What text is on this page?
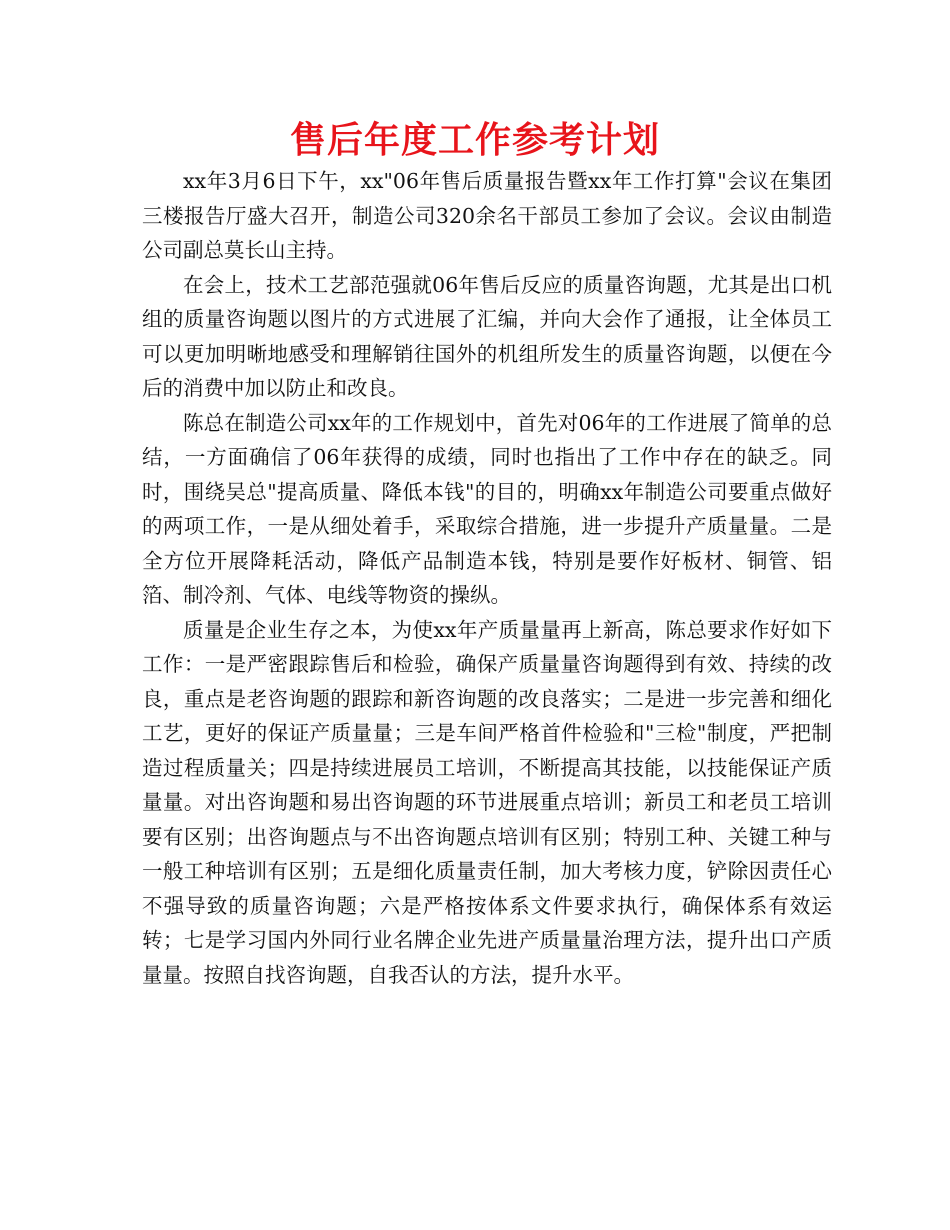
售后年度工作参考计划

xx年3月6日下午，xx"06年售后质量报告暨xx年工作打算"会议在集团三楼报告厅盛大召开，制造公司320余名干部员工参加了会议。会议由制造公司副总莫长山主持。

在会上，技术工艺部范强就06年售后反应的质量咨询题，尤其是出口机组的质量咨询题以图片的方式进展了汇编，并向大会作了通报，让全体员工可以更加明晰地感受和理解销往国外的机组所发生的质量咨询题，以便在今后的消费中加以防止和改良。

陈总在制造公司xx年的工作规划中，首先对06年的工作进展了简单的总结，一方面确信了06年获得的成绩，同时也指出了工作中存在的缺乏。同时，围绕吴总"提高质量、降低本钱"的目的，明确xx年制造公司要重点做好的两项工作，一是从细处着手，采取综合措施，进一步提升产质量量。二是全方位开展降耗活动，降低产品制造本钱，特别是要作好板材、铜管、铝箔、制冷剂、气体、电线等物资的操纵。

质量是企业生存之本，为使xx年产质量量再上新高，陈总要求作好如下工作：一是严密跟踪售后和检验，确保产质量量咨询题得到有效、持续的改良，重点是老咨询题的跟踪和新咨询题的改良落实；二是进一步完善和细化工艺，更好的保证产质量量；三是车间严格首件检验和"三检"制度，严把制造过程质量关；四是持续进展员工培训，不断提高其技能，以技能保证产质量量。对出咨询题和易出咨询题的环节进展重点培训；新员工和老员工培训要有区别；出咨询题点与不出咨询题点培训有区别；特别工种、关键工种与一般工种培训有区别；五是细化质量责任制，加大考核力度，铲除因责任心不强导致的质量咨询题；六是严格按体系文件要求执行，确保体系有效运转；七是学习国内外同行业名牌企业先进产质量量治理方法，提升出口产质量量。按照自找咨询题，自我否认的方法，提升水平。
